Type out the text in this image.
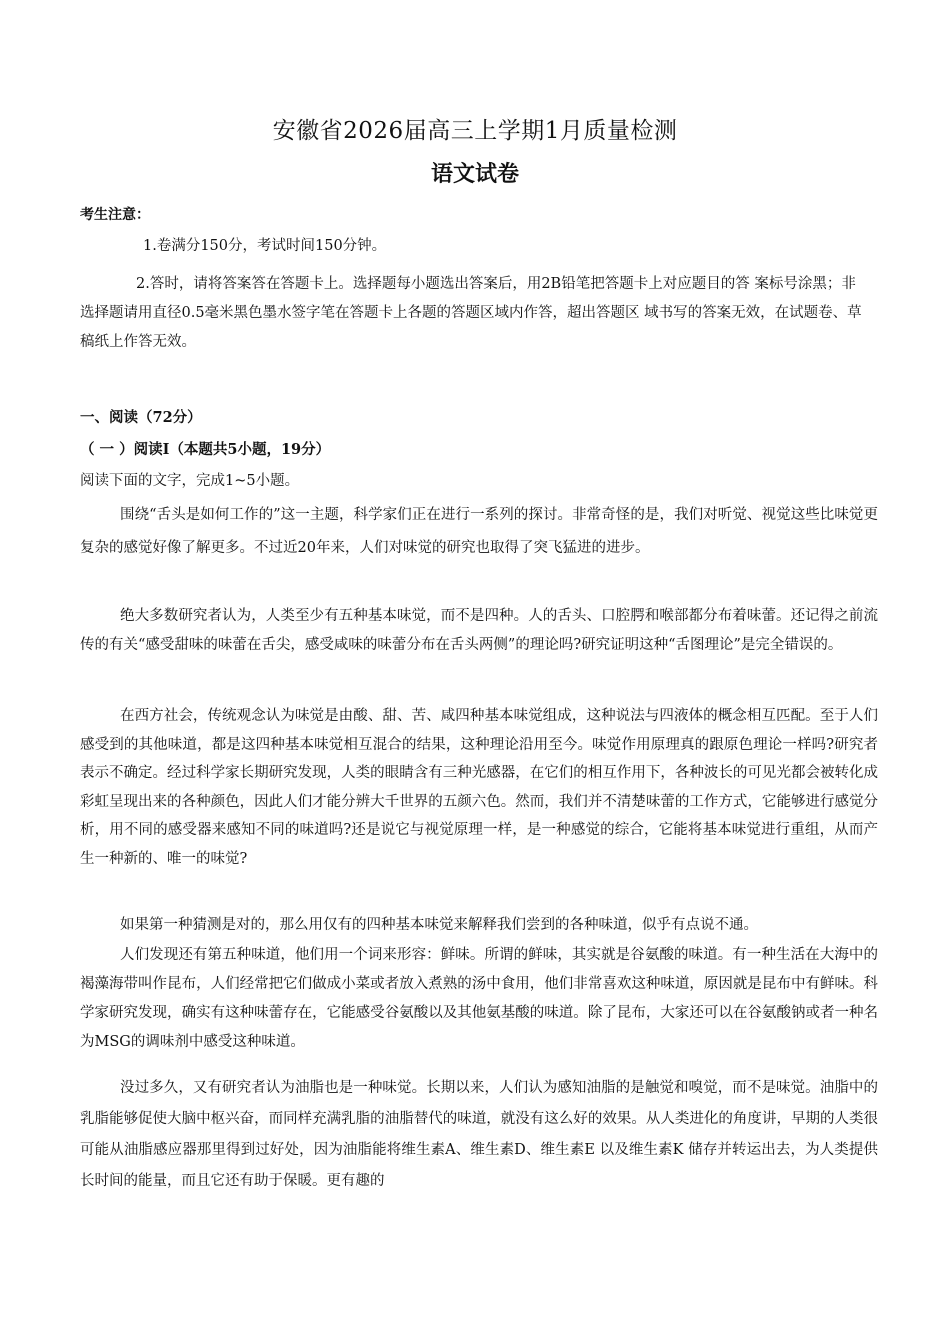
安徽省2026届高三上学期1月质量检测
语文试卷
考生注意：
1.卷满分150分，考试时间150分钟。
2.答时，请将答案答在答题卡上。选择题每小题选出答案后，用2B铅笔把答题卡上对应题目的答 案标号涂黑；非选择题请用直径0.5毫米黑色墨水签字笔在答题卡上各题的答题区域内作答，超出答题区 域书写的答案无效，在试题卷、草稿纸上作答无效。
一、阅读（72分）
（ 一 ）阅读Ⅰ（本题共5小题，19分）
阅读下面的文字，完成1~5小题。

围绕“舌头是如何工作的”这一主题，科学家们正在进行一系列的探讨。非常奇怪的是，我们对听觉、视觉这些比味觉更复杂的感觉好像了解更多。不过近20年来，人们对味觉的研究也取得了突飞猛进的进步。

绝大多数研究者认为，人类至少有五种基本味觉，而不是四种。人的舌头、口腔腭和喉部都分布着味蕾。还记得之前流传的有关“感受甜味的味蕾在舌尖，感受咸味的味蕾分布在舌头两侧”的理论吗?研究证明这种“舌图理论”是完全错误的。

在西方社会，传统观念认为味觉是由酸、甜、苦、咸四种基本味觉组成，这种说法与四液体的概念相互匹配。至于人们感受到的其他味道，都是这四种基本味觉相互混合的结果，这种理论沿用至今。味觉作用原理真的跟原色理论一样吗?研究者表示不确定。经过科学家长期研究发现，人类的眼睛含有三种光感器，在它们的相互作用下，各种波长的可见光都会被转化成彩虹呈现出来的各种颜色，因此人们才能分辨大千世界的五颜六色。然而，我们并不清楚味蕾的工作方式，它能够进行感觉分析，用不同的感受器来感知不同的味道吗?还是说它与视觉原理一样，是一种感觉的综合，它能将基本味觉进行重组，从而产生一种新的、唯一的味觉?

如果第一种猜测是对的，那么用仅有的四种基本味觉来解释我们尝到的各种味道，似乎有点说不通。

人们发现还有第五种味道，他们用一个词来形容：鲜味。所谓的鲜味，其实就是谷氨酸的味道。有一种生活在大海中的褐藻海带叫作昆布，人们经常把它们做成小菜或者放入煮熟的汤中食用，他们非常喜欢这种味道，原因就是昆布中有鲜味。科学家研究发现，确实有这种味蕾存在，它能感受谷氨酸以及其他氨基酸的味道。除了昆布，大家还可以在谷氨酸钠或者一种名为MSG的调味剂中感受这种味道。

没过多久，又有研究者认为油脂也是一种味觉。长期以来，人们认为感知油脂的是触觉和嗅觉，而不是味觉。油脂中的乳脂能够促使大脑中枢兴奋，而同样充满乳脂的油脂替代的味道，就没有这么好的效果。从人类进化的角度讲，早期的人类很可能从油脂感应器那里得到过好处，因为油脂能将维生素A、维生素D、维生素E 以及维生素K 储存并转运出去，为人类提供长时间的能量，而且它还有助于保暖。更有趣的
